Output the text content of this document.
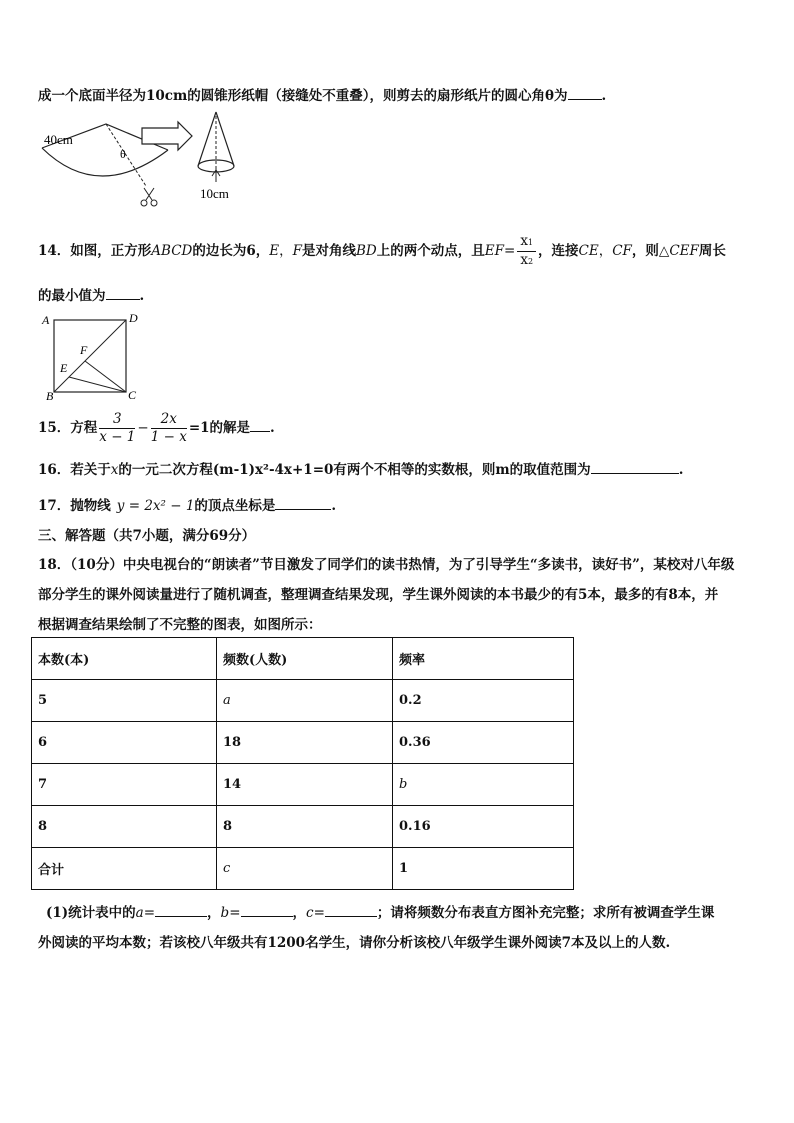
成一个底面半径为10cm的圆锥形纸帽（接缝处不重叠），则剪去的扇形纸片的圆心角θ为	.
40cm
θ
10cm
14．如图，正方形ABCD的边长为6，E，F是对角线BD上的两个动点，且$EF= \frac{x1}{x2}$ ，连接CE，CF，则△CEF周长
的最小值为	.
A	D
B	C
E
F
15．方程 $\frac{3}{x - 1} - \frac{2x}{1 - x} =1$的解是 .
16．若关于x的一元二次方程(m-1)x²-4x+1=0有两个不相等的实数根，则m的取值范围为	.
17．抛物线 y = 2x² − 1的顶点坐标是	.
三、解答题（共7小题，满分69分）
18．（10分）中央电视台的“朗读者”节目激发了同学们的读书热情，为了引导学生“多读书，读好书”，某校对八年级
部分学生的课外阅读量进行了随机调查，整理调查结果发现，学生课外阅读的本书最少的有5本，最多的有8本，并
根据调查结果绘制了不完整的图表，如图所示：
本数(本)	频数(人数)	频率
5	a	0.2
6	18	0.36
7	14	b
8	8	0.16
合计	c	1
(1)统计表中的a=	，b=	，c=	；请将频数分布表直方图补充完整；求所有被调查学生课
外阅读的平均本数；若该校八年级共有1200名学生，请你分析该校八年级学生课外阅读7本及以上的人数.
